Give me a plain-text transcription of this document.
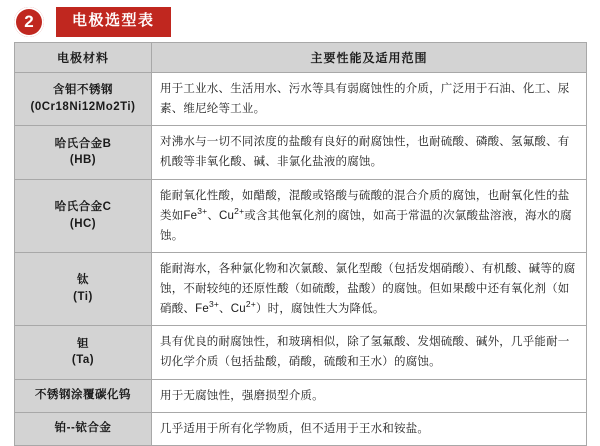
2	电极选型表
电极材料	主要性能及适用范围
含钼不锈钢
(0Cr18Ni12Mo2Ti)	用于工业水、生活用水、污水等具有弱腐蚀性的介质，广泛用于石油、化工、尿素、维尼纶等工业。
哈氏合金B
(HB)	对沸水与一切不同浓度的盐酸有良好的耐腐蚀性，也耐硫酸、磷酸、氢氟酸、有机酸等非氧化酸、碱、非氯化盐液的腐蚀。
哈氏合金C
(HC)	能耐氧化性酸，如醋酸，混酸或铬酸与硫酸的混合介质的腐蚀，也耐氧化性的盐类如$Fe^{3+}$、$Cu^{2+}$或含其他氧化剂的腐蚀，如高于常温的次氯酸盐溶液，海水的腐蚀。
钛
(Ti)	能耐海水，各种氯化物和次氯酸、氯化型酸（包括发烟硝酸）、有机酸、碱等的腐蚀，不耐较纯的还原性酸（如硫酸，盐酸）的腐蚀。但如果酸中还有氧化剂（如硝酸、$Fe^{3+}$、$Cu^{2+}$）时，腐蚀性大为降低。
钽
(Ta)	具有优良的耐腐蚀性，和玻璃相似，除了氢氟酸、发烟硫酸、碱外，几乎能耐一切化学介质（包括盐酸，硝酸，硫酸和王水）的腐蚀。
不锈钢涂覆碳化钨	用于无腐蚀性，强磨损型介质。
铂--铱合金	几乎适用于所有化学物质，但不适用于王水和铵盐。
